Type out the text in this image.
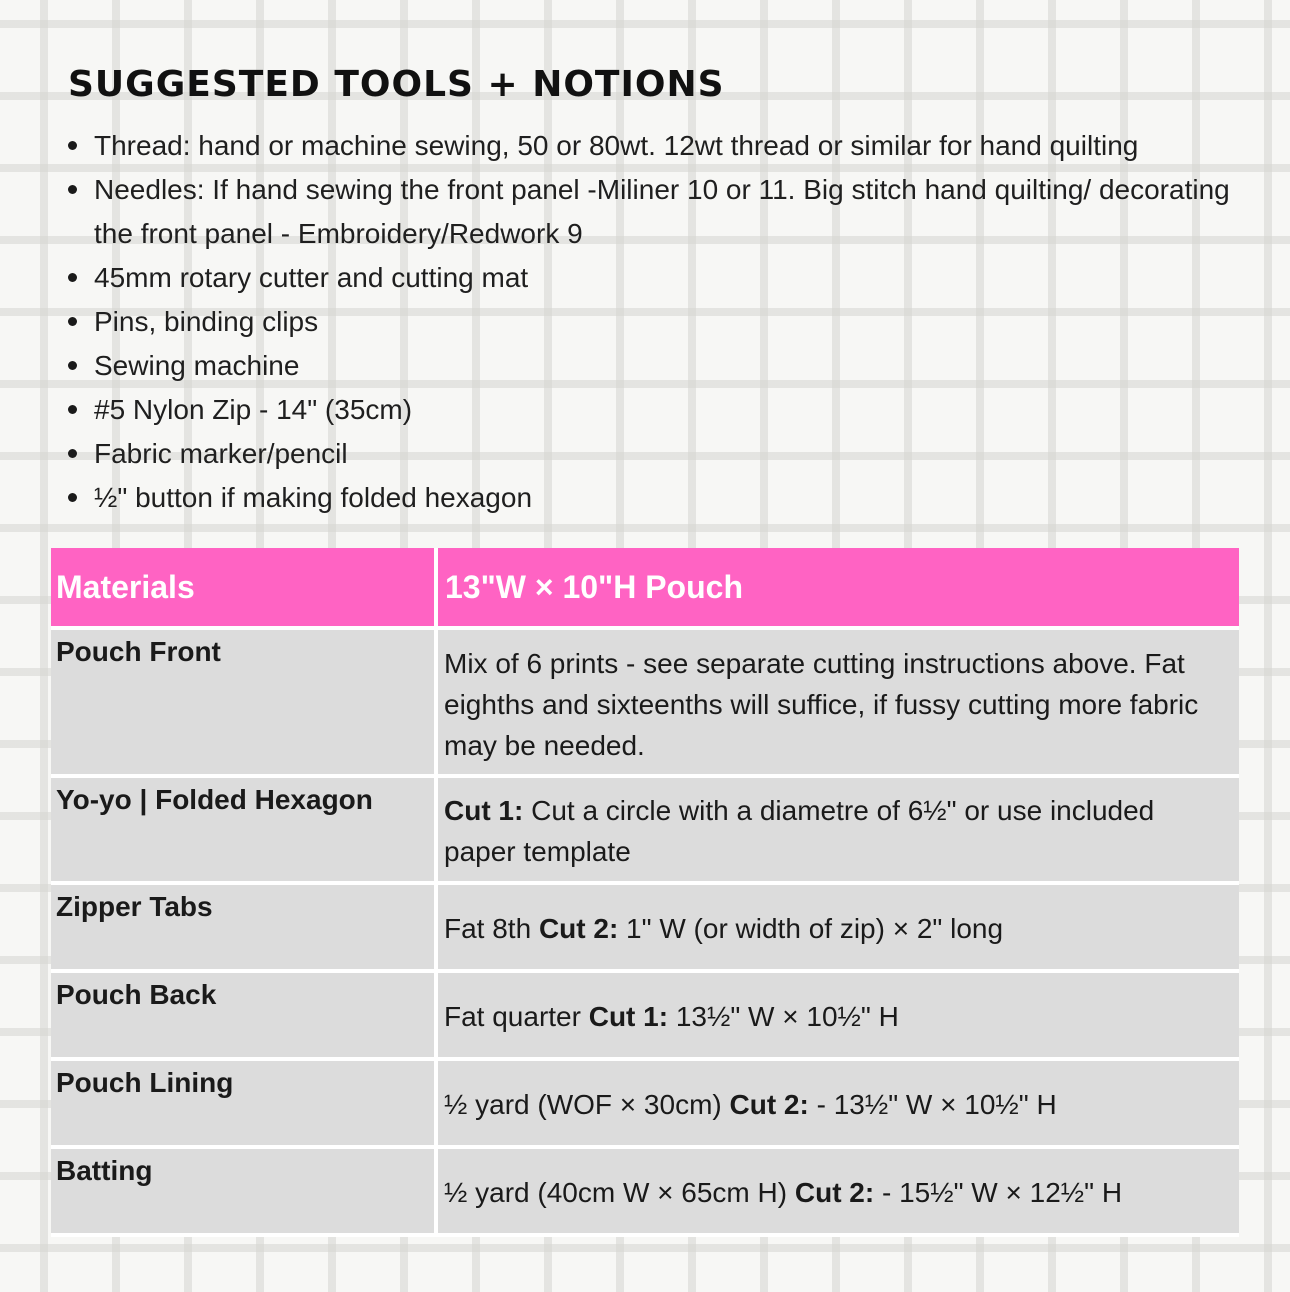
SUGGESTED TOOLS + NOTIONS
Thread: hand or machine sewing, 50 or 80wt. 12wt thread or similar for hand quilting
Needles: If hand sewing the front panel -Miliner 10 or 11. Big stitch hand quilting/ decorating the front panel - Embroidery/Redwork 9
45mm rotary cutter and cutting mat
Pins, binding clips
Sewing machine
#5 Nylon Zip - 14" (35cm)
Fabric marker/pencil
½" button if making folded hexagon
Materials	13"W × 10"H Pouch
Pouch Front	Mix of 6 prints - see separate cutting instructions above. Fat eighths and sixteenths will suffice, if fussy cutting more fabric may be needed.
Yo-yo | Folded Hexagon	Cut 1: Cut a circle with a diametre of 6½" or use included paper template
Zipper Tabs	Fat 8th Cut 2: 1" W (or width of zip) × 2" long
Pouch Back	Fat quarter Cut 1: 13½" W × 10½" H
Pouch Lining	½ yard (WOF × 30cm) Cut 2: - 13½" W × 10½" H
Batting	½ yard (40cm W × 65cm H) Cut 2: - 15½" W × 12½" H
